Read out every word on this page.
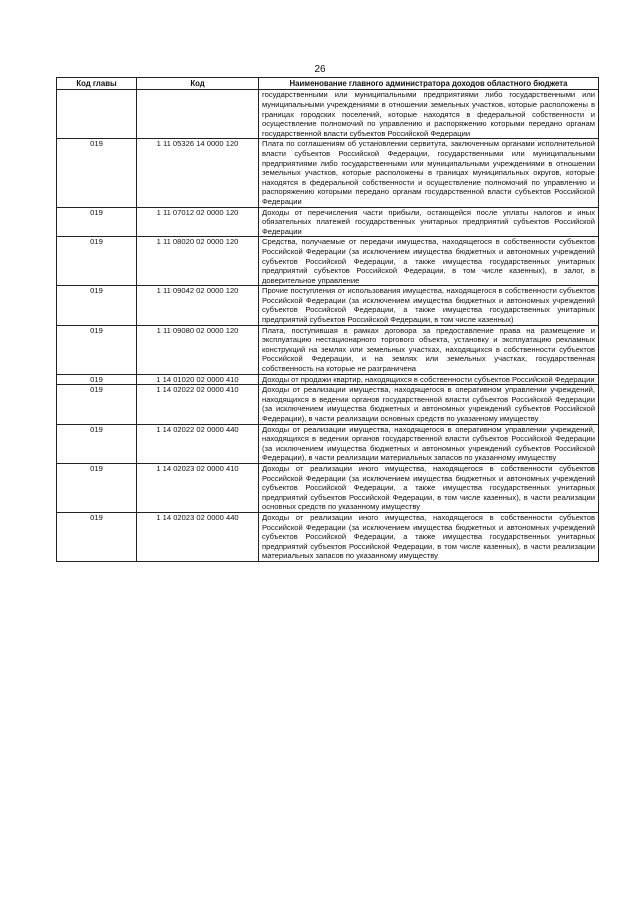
26
Код главы	Код	Наименование главного администратора доходов областного бюджета
		государственными или муниципальными предприятиями либо государственными или муниципальными учреждениями в отношении земельных участков, которые расположены в границах городских поселений, которые находятся в федеральной собственности и осуществление полномочий по управлению и распоряжению которыми передано органам государственной власти субъектов Российской Федерации
019	1 11 05326 14 0000 120	Плата по соглашениям об установлении сервитута, заключенным органами исполнительной власти субъектов Российской Федерации, государственными или муниципальными предприятиями либо государственными или муниципальными учреждениями в отношении земельных участков, которые расположены в границах муниципальных округов, которые находятся в федеральной собственности и осуществление полномочий по управлению и распоряжению которыми передано органам государственной власти субъектов Российской Федерации
019	1 11 07012 02 0000 120	Доходы от перечисления части прибыли, остающейся после уплаты налогов и иных обязательных платежей государственных унитарных предприятий субъектов Российской Федерации
019	1 11 08020 02 0000 120	Средства, получаемые от передачи имущества, находящегося в собственности субъектов Российской Федерации (за исключением имущества бюджетных и автономных учреждений субъектов Российской Федерации, а также имущества государственных унитарных предприятий субъектов Российской Федерации, в том числе казенных), в залог, в доверительное управление
019	1 11 09042 02 0000 120	Прочие поступления от использования имущества, находящегося в собственности субъектов Российской Федерации (за исключением имущества бюджетных и автономных учреждений субъектов Российской Федерации, а также имущества государственных унитарных предприятий субъектов Российской Федерации, в том числе казенных)
019	1 11 09080 02 0000 120	Плата, поступившая в рамках договора за предоставление права на размещение и эксплуатацию нестационарного торгового объекта, установку и эксплуатацию рекламных конструкций на землях или земельных участках, находящихся в собственности субъектов Российской Федерации, и на землях или земельных участках, государственная собственность на которые не разграничена
019	1 14 01020 02 0000 410	Доходы от продажи квартир, находящихся в собственности субъектов Российской Федерации
019	1 14 02022 02 0000 410	Доходы от реализации имущества, находящегося в оперативном управлении учреждений, находящихся в ведении органов государственной власти субъектов Российской Федерации (за исключением имущества бюджетных и автономных учреждений субъектов Российской Федерации), в части реализации основных средств по указанному имуществу
019	1 14 02022 02 0000 440	Доходы от реализации имущества, находящегося в оперативном управлении учреждений, находящихся в ведении органов государственной власти субъектов Российской Федерации (за исключением имущества бюджетных и автономных учреждений субъектов Российской Федерации), в части реализации материальных запасов по указанному имуществу
019	1 14 02023 02 0000 410	Доходы от реализации иного имущества, находящегося в собственности субъектов Российской Федерации (за исключением имущества бюджетных и автономных учреждений субъектов Российской Федерации, а также имущества государственных унитарных предприятий субъектов Российской Федерации, в том числе казенных), в части реализации основных средств по указанному имуществу
019	1 14 02023 02 0000 440	Доходы от реализации иного имущества, находящегося в собственности субъектов Российской Федерации (за исключением имущества бюджетных и автономных учреждений субъектов Российской Федерации, а также имущества государственных унитарных предприятий субъектов Российской Федерации, в том числе казенных), в части реализации материальных запасов по указанному имуществу
